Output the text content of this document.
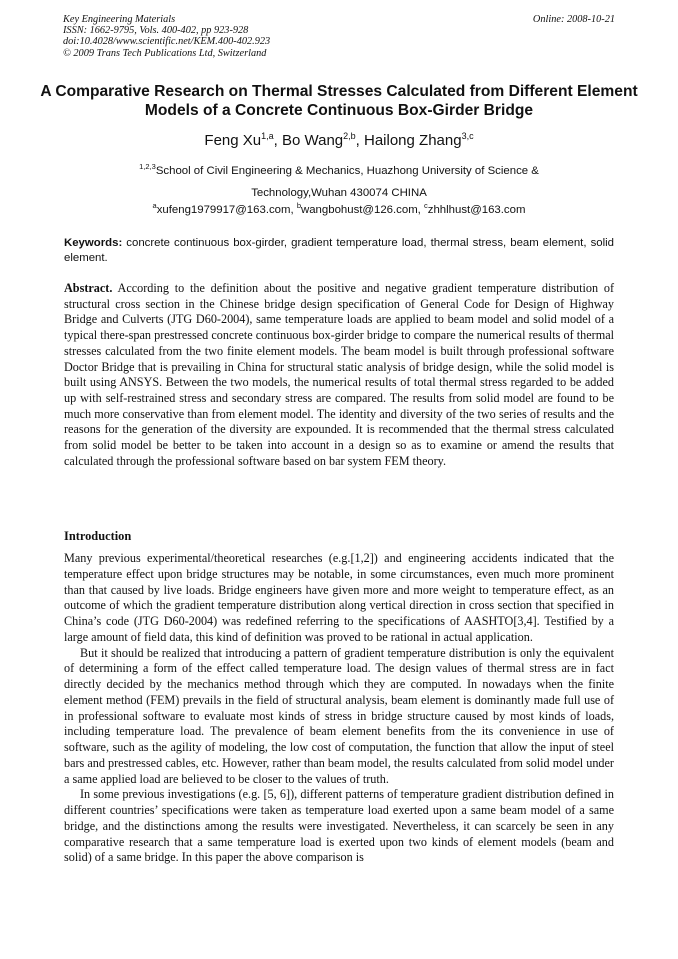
Key Engineering Materials
ISSN: 1662-9795, Vols. 400-402, pp 923-928
doi:10.4028/www.scientific.net/KEM.400-402.923
© 2009 Trans Tech Publications Ltd, Switzerland
Online: 2008-10-21
A Comparative Research on Thermal Stresses Calculated from Different Element Models of a Concrete Continuous Box-Girder Bridge
Feng Xu$^{1,a}$, Bo Wang$^{2,b}$, Hailong Zhang$^{3,c}$
$^{1,2,3}$School of Civil Engineering & Mechanics, Huazhong University of Science &
Technology,Wuhan 430074 CHINA
$^a$xufeng1979917@163.com, $^b$wangbohust@126.com, $^c$zhhlhust@163.com
Keywords: concrete continuous box-girder, gradient temperature load, thermal stress, beam element, solid element.
Abstract. According to the definition about the positive and negative gradient temperature distribution of structural cross section in the Chinese bridge design specification of General Code for Design of Highway Bridge and Culverts (JTG D60-2004), same temperature loads are applied to beam model and solid model of a typical there-span prestressed concrete continuous box-girder bridge to compare the numerical results of thermal stresses calculated from the two finite element models. The beam model is built through professional software Doctor Bridge that is prevailing in China for structural static analysis of bridge design, while the solid model is built using ANSYS. Between the two models, the numerical results of total thermal stress regarded to be added up with self-restrained stress and secondary stress are compared. The results from solid model are found to be much more conservative than from element model. The identity and diversity of the two series of results and the reasons for the generation of the diversity are expounded. It is recommended that the thermal stress calculated from solid model be better to be taken into account in a design so as to examine or amend the results that calculated through the professional software based on bar system FEM theory.
Introduction

Many previous experimental/theoretical researches (e.g.[1,2]) and engineering accidents indicated that the temperature effect upon bridge structures may be notable, in some circumstances, even much more prominent than that caused by live loads. Bridge engineers have given more and more weight to temperature effect, as an outcome of which the gradient temperature distribution along vertical direction in cross section that specified in China’s code (JTG D60-2004) was redefined referring to the specifications of AASHTO[3,4]. Testified by a large amount of field data, this kind of definition was proved to be rational in actual application.

But it should be realized that introducing a pattern of gradient temperature distribution is only the equivalent of determining a form of the effect called temperature load. The design values of thermal stress are in fact directly decided by the mechanics method through which they are computed. In nowadays when the finite element method (FEM) prevails in the field of structural analysis, beam element is dominantly made full use of in professional software to evaluate most kinds of stress in bridge structure caused by most kinds of loads, including temperature load. The prevalence of beam element benefits from the its convenience in use of software, such as the agility of modeling, the low cost of computation, the function that allow the input of steel bars and prestressed cables, etc. However, rather than beam model, the results calculated from solid model under a same applied load are believed to be closer to the values of truth.

In some previous investigations (e.g. [5, 6]), different patterns of temperature gradient distribution defined in different countries’ specifications were taken as temperature load exerted upon a same beam model of a same bridge, and the distinctions among the results were investigated. Nevertheless, it can scarcely be seen in any comparative research that a same temperature load is exerted upon two kinds of element models (beam and solid) of a same bridge. In this paper the above comparison is
